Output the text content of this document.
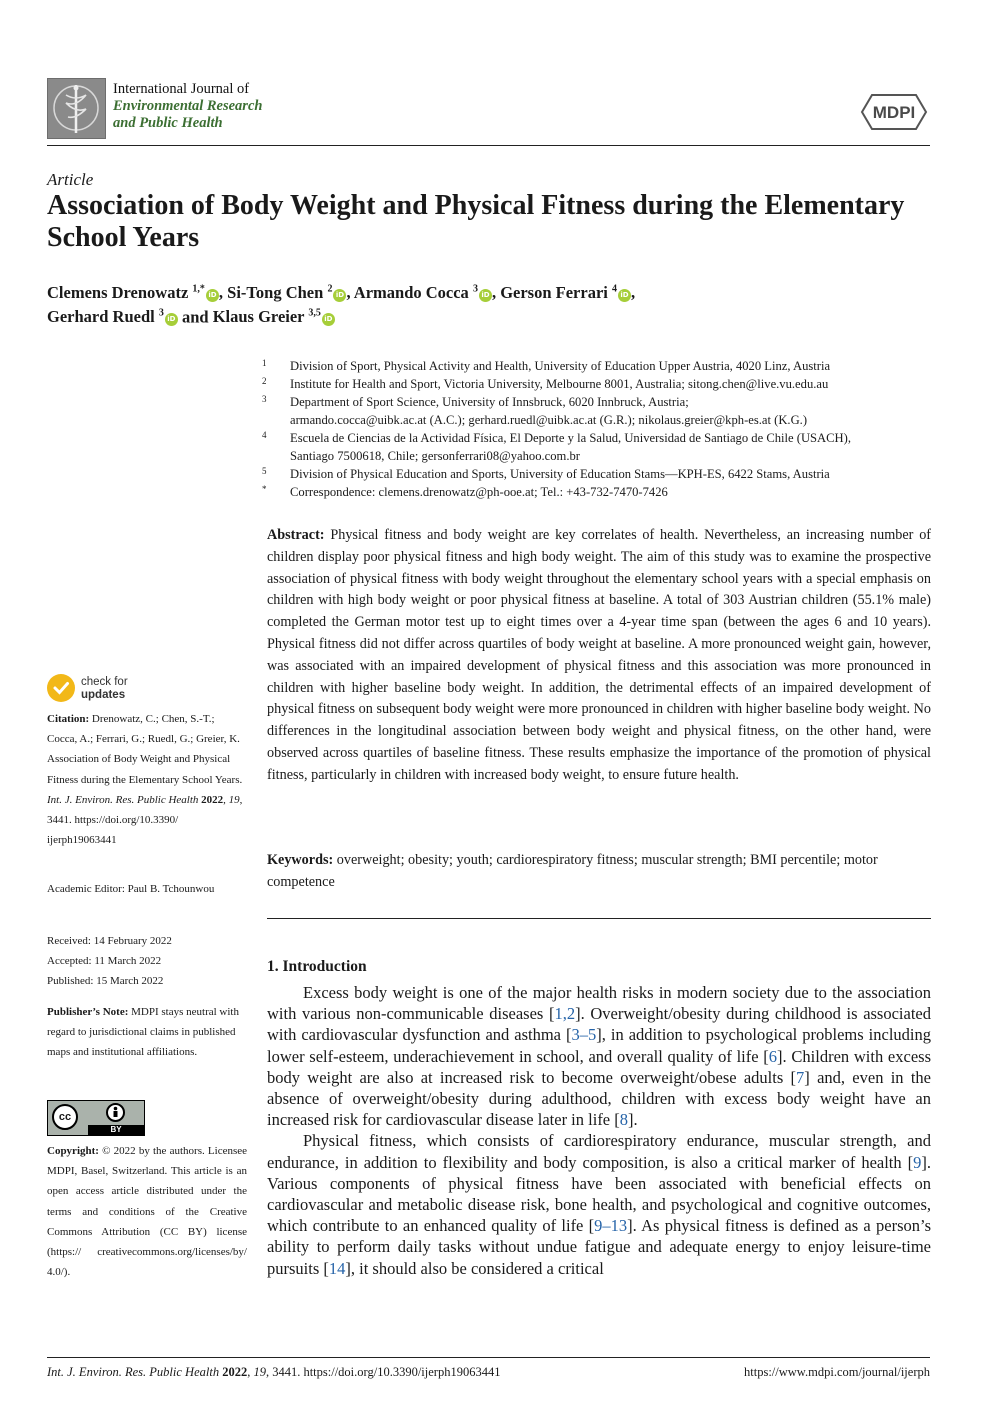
International Journal of
Environmental Research
and Public Health
MDPI
Article
Association of Body Weight and Physical Fitness during the Elementary School Years
Clemens Drenowatz $^{1,*}$iD , Si-Tong Chen $^2$iD , Armando Cocca $^3$iD , Gerson Ferrari $^4$iD ,
Gerhard Ruedl $^3$iD and Klaus Greier $^{3,5}$iD
1	Division of Sport, Physical Activity and Health, University of Education Upper Austria, 4020 Linz, Austria
2	Institute for Health and Sport, Victoria University, Melbourne 8001, Australia; sitong.chen@live.vu.edu.au
3	Department of Sport Science, University of Innsbruck, 6020 Innbruck, Austria;
armando.cocca@uibk.ac.at (A.C.); gerhard.ruedl@uibk.ac.at (G.R.); nikolaus.greier@kph-es.at (K.G.)
4	Escuela de Ciencias de la Actividad Física, El Deporte y la Salud, Universidad de Santiago de Chile (USACH),
Santiago 7500618, Chile; gersonferrari08@yahoo.com.br
5	Division of Physical Education and Sports, University of Education Stams—KPH-ES, 6422 Stams, Austria
*	Correspondence: clemens.drenowatz@ph-ooe.at; Tel.: +43-732-7470-7426
Abstract: Physical fitness and body weight are key correlates of health. Nevertheless, an increasing number of children display poor physical fitness and high body weight. The aim of this study was to examine the prospective association of physical fitness with body weight throughout the elementary school years with a special emphasis on children with high body weight or poor physical fitness at baseline. A total of 303 Austrian children (55.1% male) completed the German motor test up to eight times over a 4-year time span (between the ages 6 and 10 years). Physical fitness did not differ across quartiles of body weight at baseline. A more pronounced weight gain, however, was associated with an impaired development of physical fitness and this association was more pronounced in children with higher baseline body weight. In addition, the detrimental effects of an impaired development of physical fitness on subsequent body weight were more pronounced in children with higher baseline body weight. No differences in the longitudinal association between body weight and physical fitness, on the other hand, were observed across quartiles of baseline fitness. These results emphasize the importance of the promotion of physical fitness, particularly in children with increased body weight, to ensure future health.
Keywords: overweight; obesity; youth; cardiorespiratory fitness; muscular strength; BMI percentile; motor competence
1. Introduction

Excess body weight is one of the major health risks in modern society due to the association with various non-communicable diseases [1,2]. Overweight/obesity during childhood is associated with cardiovascular dysfunction and asthma [3–5], in addition to psychological problems including lower self-esteem, underachievement in school, and overall quality of life [6]. Children with excess body weight are also at increased risk to become overweight/obese adults [7] and, even in the absence of overweight/obesity during adulthood, children with excess body weight have an increased risk for cardiovascular disease later in life [8].

Physical fitness, which consists of cardiorespiratory endurance, muscular strength, and endurance, in addition to flexibility and body composition, is also a critical marker of health [9]. Various components of physical fitness have been associated with beneficial effects on cardiovascular and metabolic disease risk, bone health, and psychological and cognitive outcomes, which contribute to an enhanced quality of life [9–13]. As physical fitness is defined as a person’s ability to perform daily tasks without undue fatigue and adequate energy to enjoy leisure-time pursuits [14], it should also be considered a critical

check for
updates
Citation: Drenowatz, C.; Chen, S.-T.; Cocca, A.; Ferrari, G.; Ruedl, G.; Greier, K. Association of Body Weight and Physical Fitness during the Elementary School Years. Int. J. Environ. Res. Public Health 2022, 19, 3441. https://doi.org/10.3390/ ijerph19063441
Academic Editor: Paul B. Tchounwou
Received: 14 February 2022
Accepted: 11 March 2022
Published: 15 March 2022
Publisher’s Note: MDPI stays neutral with regard to jurisdictional claims in published maps and institutional affiliations.
cc
BY
Copyright: © 2022 by the authors. Licensee MDPI, Basel, Switzerland. This article is an open access article distributed under the terms and conditions of the Creative Commons Attribution (CC BY) license (https:// creativecommons.org/licenses/by/ 4.0/).
Int. J. Environ. Res. Public Health 2022, 19, 3441. https://doi.org/10.3390/ijerph19063441	https://www.mdpi.com/journal/ijerph
